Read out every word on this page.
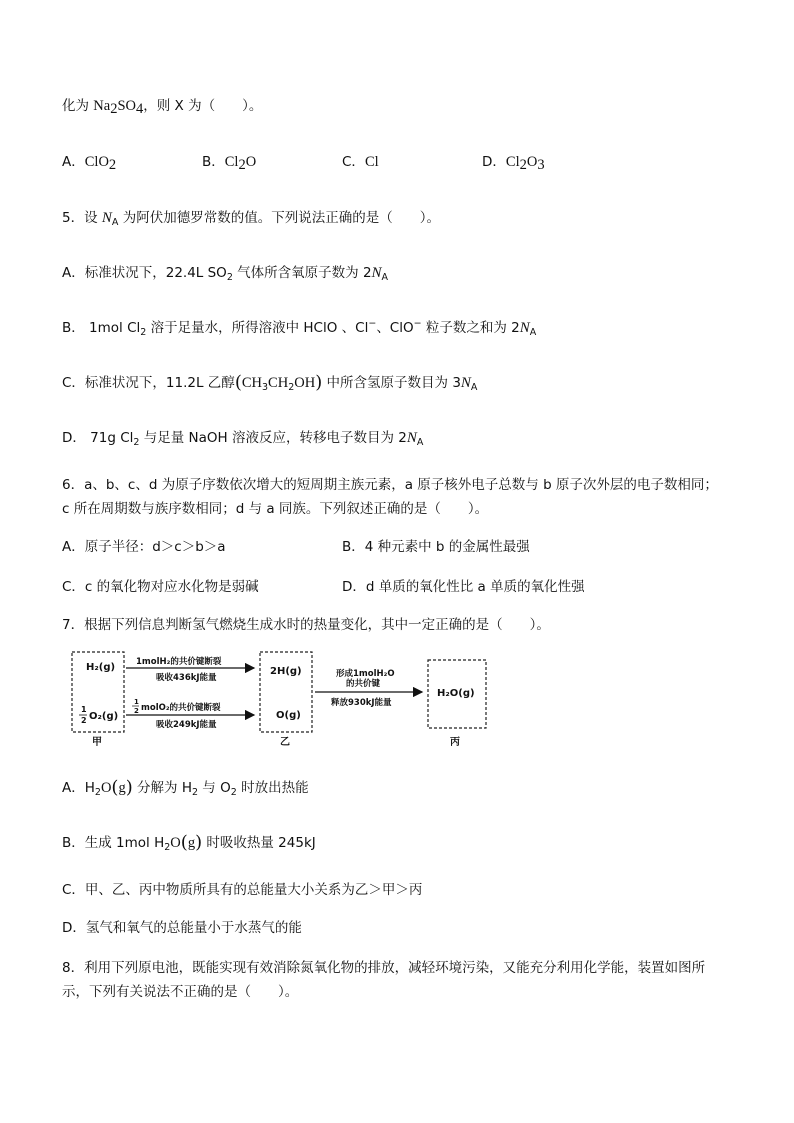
化为 $Na_2SO_4$，则 X 为（　　）。
A．ClO$_2$	B．$Cl_2O$	C．Cl	D．$Cl_2O_3$
5．设 $N_A$ 为阿伏加德罗常数的值。下列说法正确的是（　　）。
A．标准状况下，22.4L $SO_2$ 气体所含氧原子数为 $2N_A$
B． 1mol $Cl_2$ 溶于足量水，所得溶液中 HClO 、Cl−、ClO− 粒子数之和为 $2N_A$
C．标准状况下，11.2L 乙醇$(CH_3CH_2OH)$ 中所含氢原子数目为 $3N_A$
D． 71g $Cl_2$ 与足量 NaOH 溶液反应，转移电子数目为 $2N_A$
6．a、b、c、d 为原子序数依次增大的短周期主族元素，a 原子核外电子总数与 b 原子次外层的电子数相同；
c 所在周期数与族序数相同；d 与 a 同族。下列叙述正确的是（　　）。
A．原子半径：d＞c＞b＞a	B．4 种元素中 b 的金属性最强
C．c 的氧化物对应水化物是弱碱	D．d 单质的氧化性比 a 单质的氧化性强
7．根据下列信息判断氢气燃烧生成水时的热量变化，其中一定正确的是（　　）。
H₂(g)
1
2 O₂(g)
甲
1molH₂的共价键断裂
吸收436kJ能量
1
2 molO₂的共价键断裂
吸收249kJ能量
2H(g)
O(g)
乙
形成1molH₂O
的共价键
释放930kJ能量
H₂O(g)
丙
A．$H_2O(g)$ 分解为 $H_2$ 与 $O_2$ 时放出热能
B．生成 1mol $H_2O(g)$ 时吸收热量 245kJ
C．甲、乙、丙中物质所具有的总能量大小关系为乙＞甲＞丙
D．氢气和氧气的总能量小于水蒸气的能
8．利用下列原电池，既能实现有效消除氮氧化物的排放，减轻环境污染，又能充分利用化学能，装置如图所
示，下列有关说法不正确的是（　　）。
